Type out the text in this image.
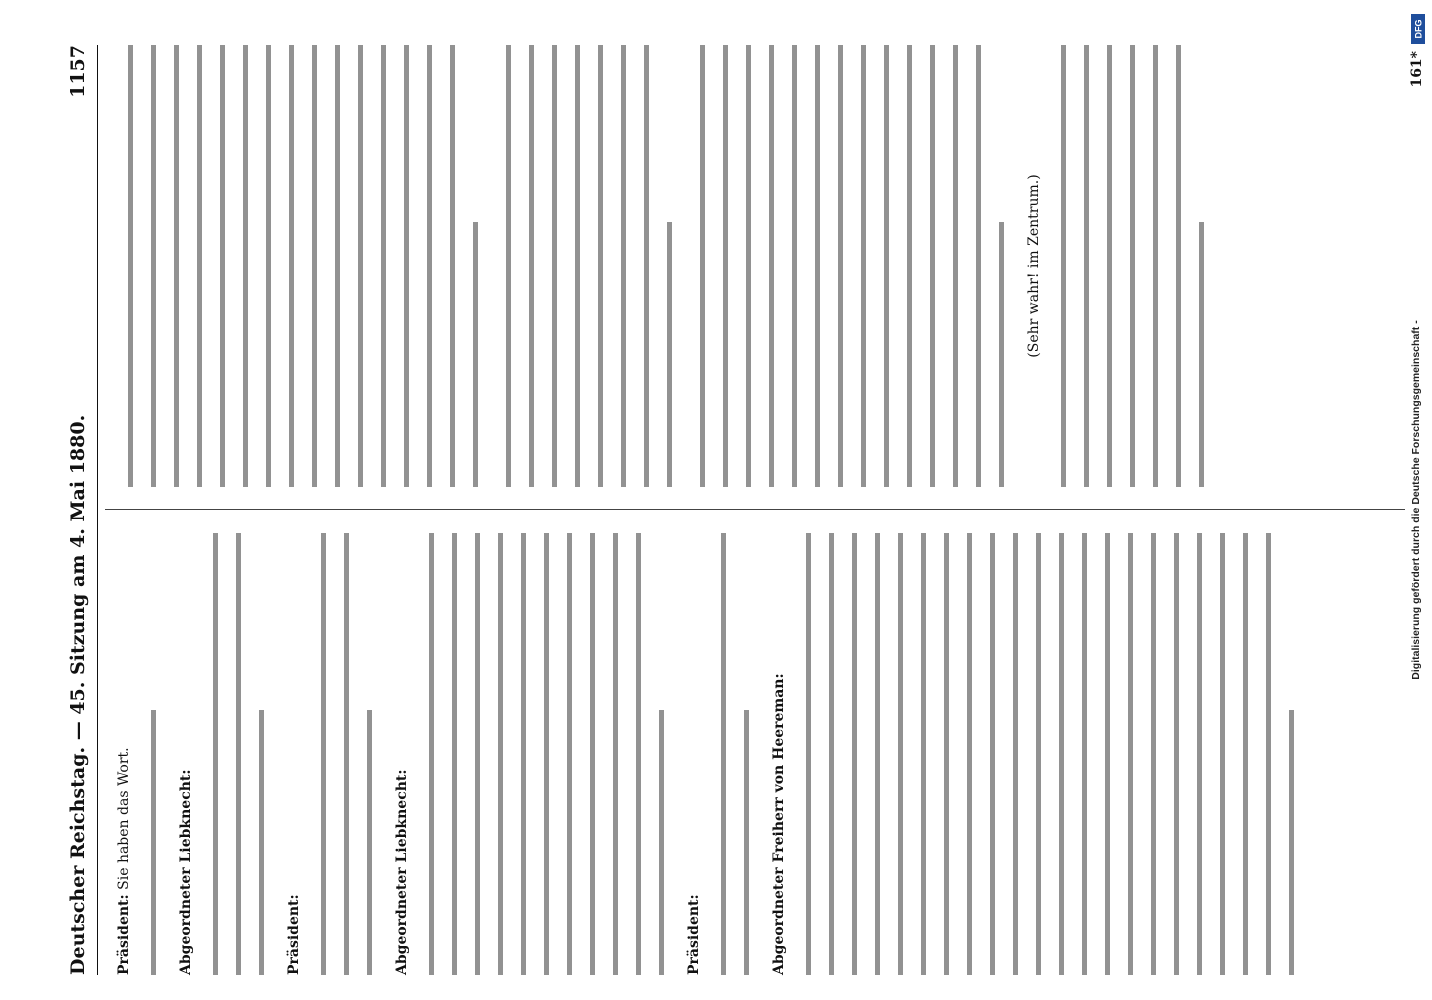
Deutscher Reichstag. — 45. Sitzung am 4. Mai 1880.
1157
Präsident: Sie haben das Wort.	Abgeordneter Liebknecht:	Präsident:	Abgeordneter Liebknecht:	Präsident:	Abgeordneter Freiherr von Heereman:
(Sehr wahr! im Zentrum.)
161*
DFG
Digitalisierung gefördert durch die Deutsche Forschungsgemeinschaft -
